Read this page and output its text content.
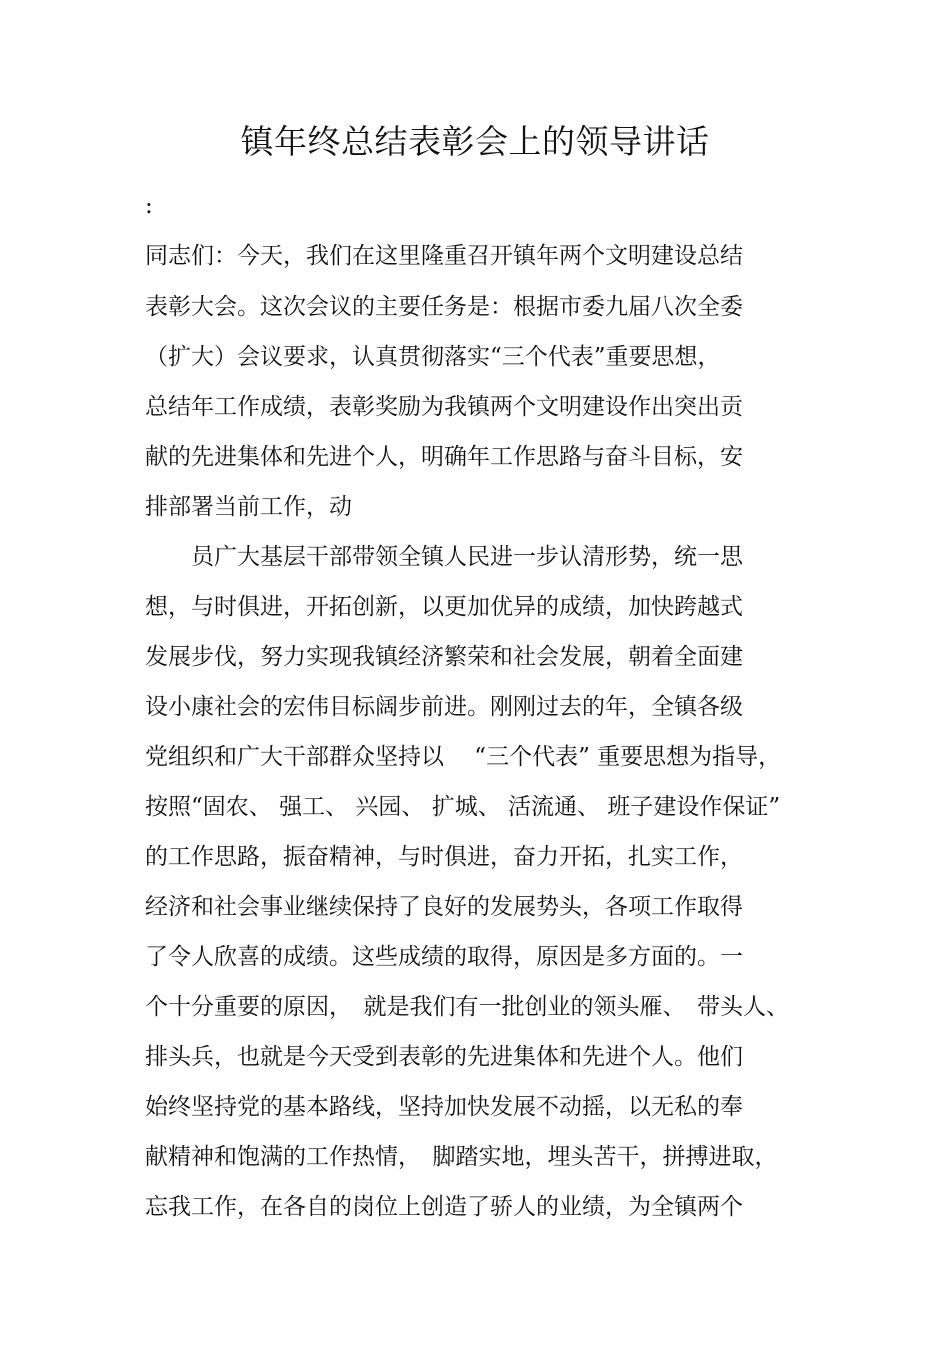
镇年终总结表彰会上的领导讲话
:
同志们：今天，我们在这里隆重召开镇年两个文明建设总结
表彰大会。这次会议的主要任务是：根据市委九届八次全委
（扩大）会议要求，认真贯彻落实“三个代表”重要思想，
总结年工作成绩，表彰奖励为我镇两个文明建设作出突出贡
献的先进集体和先进个人，明确年工作思路与奋斗目标，安
排部署当前工作，动
　　员广大基层干部带领全镇人民进一步认清形势，统一思
想，与时俱进，开拓创新，以更加优异的成绩，加快跨越式
发展步伐，努力实现我镇经济繁荣和社会发展，朝着全面建
设小康社会的宏伟目标阔步前进。刚刚过去的年，全镇各级
党组织和广大干部群众坚持以　 “三个代表” 重要思想为指导，
按照“固农、 强工、 兴园、 扩城、 活流通、 班子建设作保证”
的工作思路，振奋精神，与时俱进，奋力开拓，扎实工作，
经济和社会事业继续保持了良好的发展势头，各项工作取得
了令人欣喜的成绩。这些成绩的取得，原因是多方面的。一
个十分重要的原因，　就是我们有一批创业的领头雁、　带头人、
排头兵，也就是今天受到表彰的先进集体和先进个人。他们
始终坚持党的基本路线，坚持加快发展不动摇，以无私的奉
献精神和饱满的工作热情，　脚踏实地，埋头苦干，拼搏进取，
忘我工作，在各自的岗位上创造了骄人的业绩，为全镇两个
